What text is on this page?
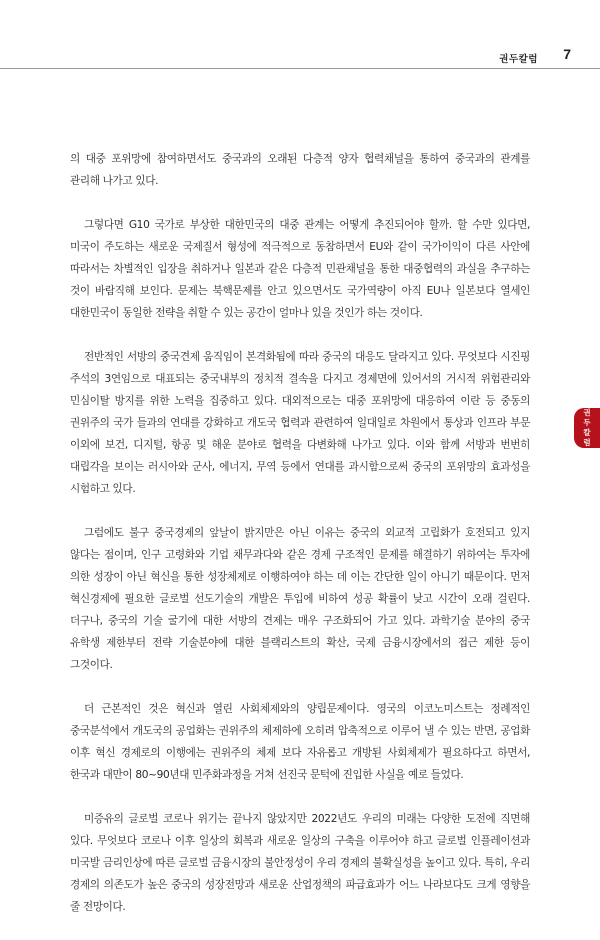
권두칼럼 7

의 대중 포위망에 참여하면서도 중국과의 오래된 다층적 양자 협력채널을 통하여 중국과의 관계를 관리해 나가고 있다.

그렇다면 G10 국가로 부상한 대한민국의 대중 관계는 어떻게 추진되어야 할까. 할 수만 있다면, 미국이 주도하는 새로운 국제질서 형성에 적극적으로 동참하면서 EU와 같이 국가이익이 다른 사안에 따라서는 차별적인 입장을 취하거나 일본과 같은 다층적 민관채널을 통한 대중협력의 과실을 추구하는 것이 바람직해 보인다. 문제는 북핵문제를 안고 있으면서도 국가역량이 아직 EU나 일본보다 열세인 대한민국이 동일한 전략을 취할 수 있는 공간이 얼마나 있을 것인가 하는 것이다.

전반적인 서방의 중국견제 움직임이 본격화됨에 따라 중국의 대응도 달라지고 있다. 무엇보다 시진핑 주석의 3연임으로 대표되는 중국내부의 정치적 결속을 다지고 경제면에 있어서의 거시적 위험관리와 민심이탈 방지를 위한 노력을 집중하고 있다. 대외적으로는 대중 포위망에 대응하여 이란 등 중동의 권위주의 국가 들과의 연대를 강화하고 개도국 협력과 관련하여 일대일로 차원에서 통상과 인프라 부문 이외에 보건, 디지털, 항공 및 해운 분야로 협력을 다변화해 나가고 있다. 이와 함께 서방과 번번히 대립각을 보이는 러시아와 군사, 에너지, 무역 등에서 연대를 과시함으로써 중국의 포위망의 효과성을 시험하고 있다.

그럼에도 불구 중국경제의 앞날이 밝지만은 아닌 이유는 중국의 외교적 고립화가 호전되고 있지 않다는 점이며, 인구 고령화와 기업 채무과다와 같은 경제 구조적인 문제를 해결하기 위하여는 투자에 의한 성장이 아닌 혁신을 통한 성장체제로 이행하여야 하는 데 이는 간단한 일이 아니기 때문이다. 먼저 혁신경제에 필요한 글로벌 선도기술의 개발은 투입에 비하여 성공 확률이 낮고 시간이 오래 걸린다. 더구나, 중국의 기술 굴기에 대한 서방의 견제는 매우 구조화되어 가고 있다. 과학기술 분야의 중국 유학생 제한부터 전략 기술분야에 대한 블랙리스트의 확산, 국제 금융시장에서의 접근 제한 등이 그것이다.

더 근본적인 것은 혁신과 열린 사회체제와의 양립문제이다. 영국의 이코노미스트는 정례적인 중국분석에서 개도국의 공업화는 권위주의 체제하에 오히려 압축적으로 이루어 낼 수 있는 반면, 공업화 이후 혁신 경제로의 이행에는 권위주의 체제 보다 자유롭고 개방된 사회체제가 필요하다고 하면서, 한국과 대만이 80~90년대 민주화과정을 거쳐 선진국 문턱에 진입한 사실을 예로 들었다.

미증유의 글로벌 코로나 위기는 끝나지 않았지만 2022년도 우리의 미래는 다양한 도전에 직면해 있다. 무엇보다 코로나 이후 일상의 회복과 새로운 일상의 구축을 이루어야 하고 글로벌 인플레이션과 미국발 금리인상에 따른 글로벌 금융시장의 불안정성이 우리 경제의 불확실성을 높이고 있다. 특히, 우리 경제의 의존도가 높은 중국의 성장전망과 새로운 산업정책의 파급효과가 어느 나라보다도 크게 영향을 줄 전망이다.

권두칼럼
